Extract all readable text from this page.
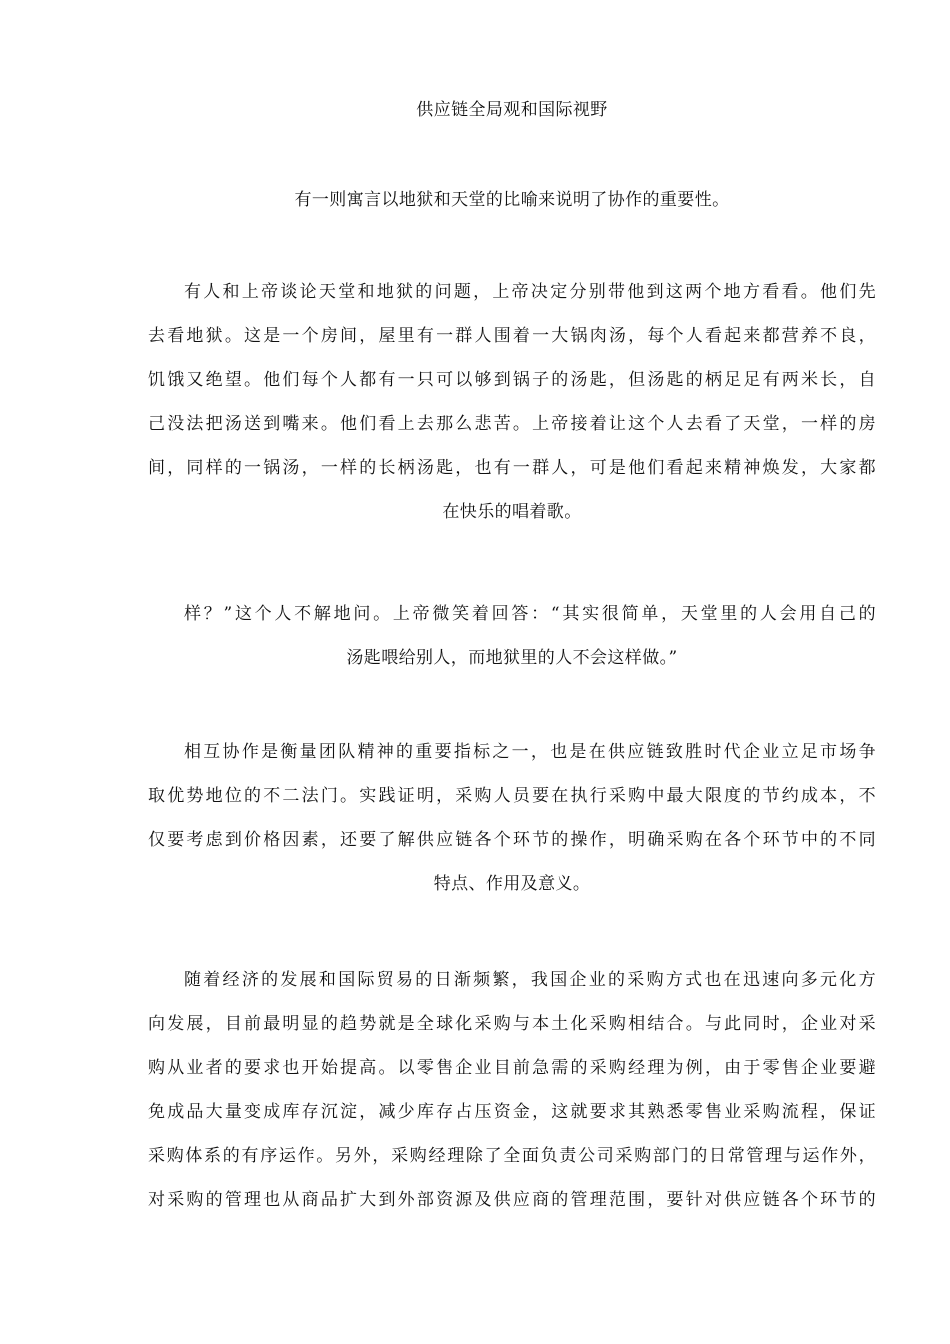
供应链全局观和国际视野
有一则寓言以地狱和天堂的比喻来说明了协作的重要性。
有人和上帝谈论天堂和地狱的问题，上帝决定分别带他到这两个地方看看。他们先
去看地狱。这是一个房间，屋里有一群人围着一大锅肉汤，每个人看起来都营养不良，
饥饿又绝望。他们每个人都有一只可以够到锅子的汤匙，但汤匙的柄足足有两米长，自
己没法把汤送到嘴来。他们看上去那么悲苦。上帝接着让这个人去看了天堂，一样的房
间，同样的一锅汤，一样的长柄汤匙，也有一群人，可是他们看起来精神焕发，大家都
在快乐的唱着歌。
样？”这个人不解地问。上帝微笑着回答：“其实很简单，天堂里的人会用自己的
汤匙喂给别人，而地狱里的人不会这样做。”
相互协作是衡量团队精神的重要指标之一，也是在供应链致胜时代企业立足市场争
取优势地位的不二法门。实践证明，采购人员要在执行采购中最大限度的节约成本，不
仅要考虑到价格因素，还要了解供应链各个环节的操作，明确采购在各个环节中的不同
特点、作用及意义。
随着经济的发展和国际贸易的日渐频繁，我国企业的采购方式也在迅速向多元化方
向发展，目前最明显的趋势就是全球化采购与本土化采购相结合。与此同时，企业对采
购从业者的要求也开始提高。以零售企业目前急需的采购经理为例，由于零售企业要避
免成品大量变成库存沉淀，减少库存占压资金，这就要求其熟悉零售业采购流程，保证
采购体系的有序运作。另外，采购经理除了全面负责公司采购部门的日常管理与运作外，
对采购的管理也从商品扩大到外部资源及供应商的管理范围，要针对供应链各个环节的
